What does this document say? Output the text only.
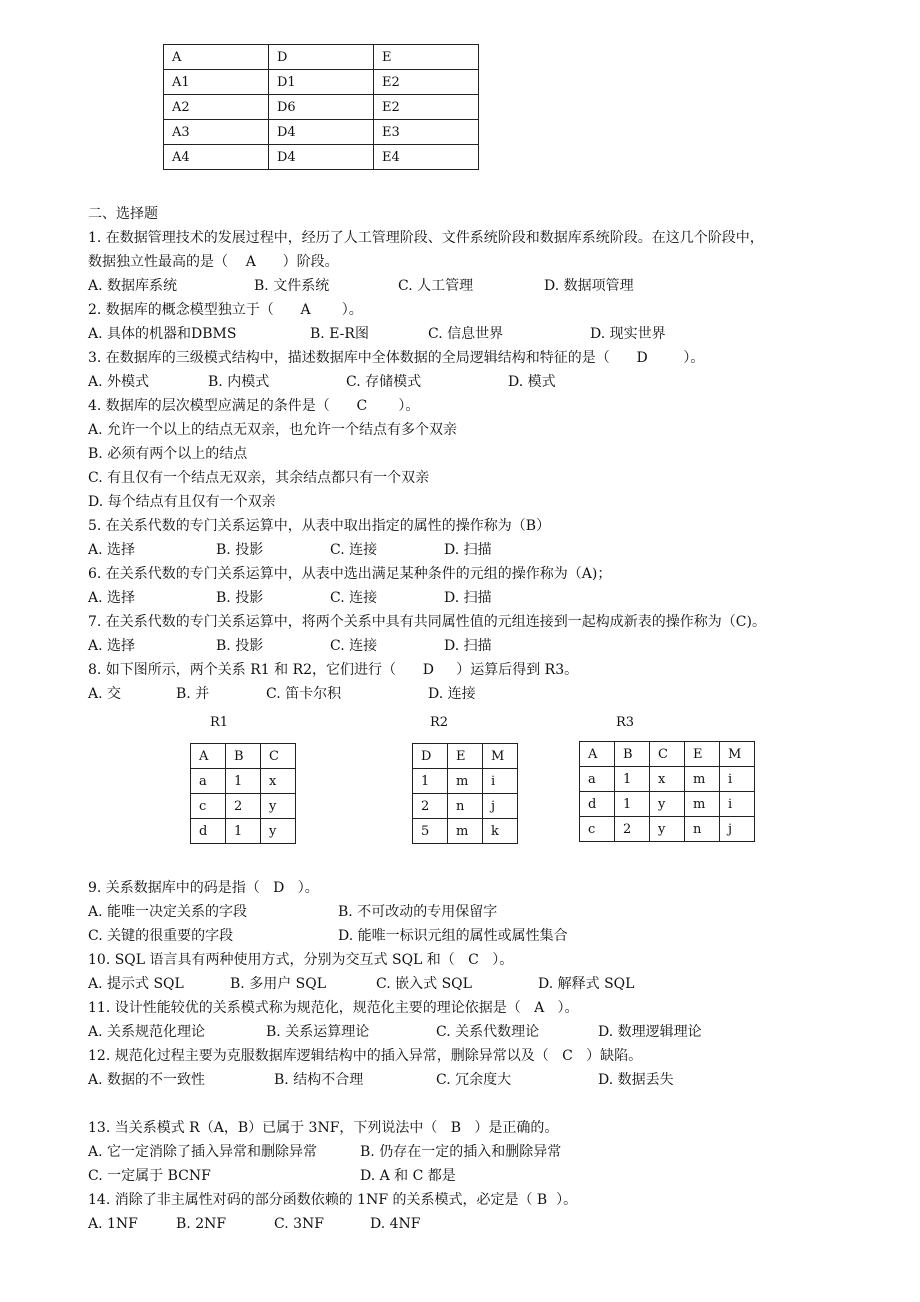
A	D	E
A1	D1	E2
A2	D6	E2
A3	D4	E3
A4	D4	E4
二、选择题
1. 在数据管理技术的发展过程中，经历了人工管理阶段、文件系统阶段和数据库系统阶段。在这几个阶段中，
数据独立性最高的是（    A      ）阶段。
A. 数据库系统	B. 文件系统	C. 人工管理	D. 数据项管理
2. 数据库的概念模型独立于（      A       ）。
A. 具体的机器和DBMS	B. E-R图	C. 信息世界	D. 现实世界
3. 在数据库的三级模式结构中，描述数据库中全体数据的全局逻辑结构和特征的是（      D        ）。
A. 外模式	B. 内模式	C. 存储模式	D. 模式
4. 数据库的层次模型应满足的条件是（      C       ）。
A. 允许一个以上的结点无双亲，也允许一个结点有多个双亲
B. 必须有两个以上的结点
C. 有且仅有一个结点无双亲，其余结点都只有一个双亲
D. 每个结点有且仅有一个双亲
5. 在关系代数的专门关系运算中，从表中取出指定的属性的操作称为（B）
A. 选择	B. 投影	C. 连接	D. 扫描
6. 在关系代数的专门关系运算中，从表中选出满足某种条件的元组的操作称为（A)；
A. 选择	B. 投影	C. 连接	D. 扫描
7. 在关系代数的专门关系运算中，将两个关系中具有共同属性值的元组连接到一起构成新表的操作称为（C)。
A. 选择	B. 投影	C. 连接	D. 扫描
8. 如下图所示，两个关系 R1 和 R2，它们进行（      D     ）运算后得到 R3。
A. 交	B. 并	C. 笛卡尔积	D. 连接
R1	R2	R3
A	B	C
a	1	x
c	2	y
d	1	y
D	E	M
1	m	i
2	n	j
5	m	k
A	B	C	E	M
a	1	x	m	i
d	1	y	m	i
c	2	y	n	j
9. 关系数据库中的码是指（   D   ）。
A. 能唯一决定关系的字段	B. 不可改动的专用保留字
C. 关键的很重要的字段	D. 能唯一标识元组的属性或属性集合
10. SQL 语言具有两种使用方式，分别为交互式 SQL 和（   C   ）。
A. 提示式 SQL	B. 多用户 SQL	C. 嵌入式 SQL	D. 解释式 SQL
11. 设计性能较优的关系模式称为规范化，规范化主要的理论依据是（   A   ）。
A. 关系规范化理论	B. 关系运算理论	C. 关系代数理论	D. 数理逻辑理论
12. 规范化过程主要为克服数据库逻辑结构中的插入异常，删除异常以及（   C   ）缺陷。
A. 数据的不一致性	B. 结构不合理	C. 冗余度大	D. 数据丢失
13. 当关系模式 R（A，B）已属于 3NF，下列说法中（   B   ）是正确的。
A. 它一定消除了插入异常和删除异常	B. 仍存在一定的插入和删除异常
C. 一定属于 BCNF	D. A 和 C 都是
14. 消除了非主属性对码的部分函数依赖的 1NF 的关系模式，必定是（ B  ）。
A. 1NF	B. 2NF	C. 3NF	D. 4NF
